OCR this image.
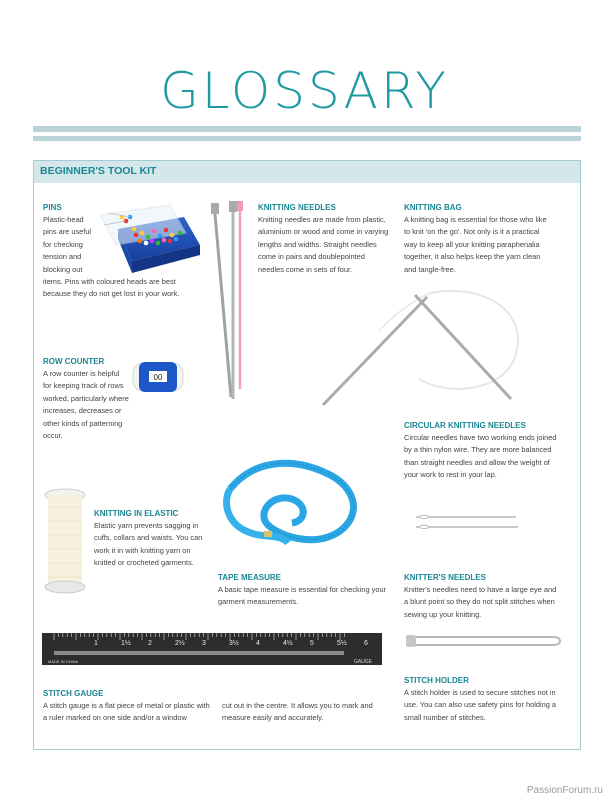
GLOSSARY
BEGINNER'S TOOL KIT
PINS
Plastic-head
pins are useful
for checking
tension and
blocking out
items. Pins with coloured heads are best
because they do not get lost in your work.
KNITTING NEEDLES
Knitting needles are made from plastic,
aluminium or wood and come in varying
lengths and widths. Straight needles
come in pairs and doublepointed
needles come in sets of four.
KNITTING BAG
A knitting bag is essential for those who like
to knit 'on the go'. Not only is it a practical
way to keep all your knitting paraphenalia
together, it also helps keep the yarn clean
and tangle-free.
ROW COUNTER
A row counter is helpful
for keeping track of rows
worked, particularly where
increases, decreases or
other kinds of patterning
occur.
00
CIRCULAR KNITTING NEEDLES
Circular needles have two working ends joined
by a thin nylon wire. They are more balanced
than straight needles and allow the weight of
your work to rest in your lap.
KNITTING IN ELASTIC
Elastic yarn prevents sagging in
cuffs, collars and waists. You can
work it in with knitting yarn on
knitted or crocheted garments.
TAPE MEASURE
A basic tape measure is essential for checking your
garment measurements.
KNITTER'S NEEDLES
Knitter's needles need to have a large eye and
a blunt point so they do not split stitches when
sewing up your knitting.
1	1½ 2	2½ 3	3½ 4	4½ 5	5½ 6
MADE IN CHINA	GAUGE
STITCH GAUGE
A stitch gauge is a flat piece of metal or plastic with
a ruler marked on one side and/or a window
cut out in the centre. It allows you to mark and
measure easily and accurately.
STITCH HOLDER
A stitch holder is used to secure stitches not in
use. You can also use safety pins for holding a
small number of stitches.
PassionForum.ru
